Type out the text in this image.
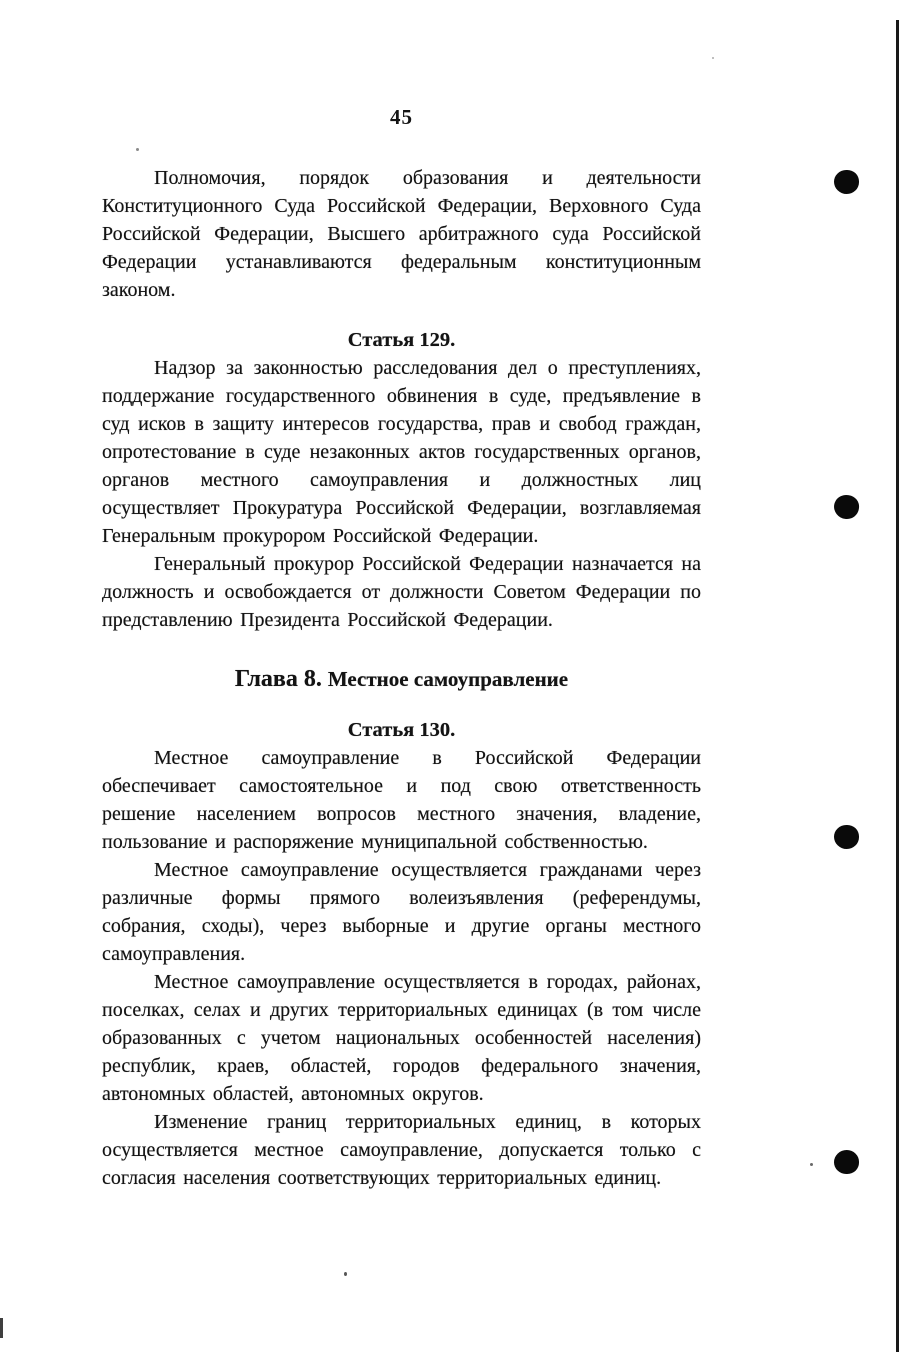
45

Полномочия, порядок образования и деятельности Конституционного Суда Российской Федерации, Верховного Суда Российской Федерации, Высшего арбитражного суда Российской Федерации устанавливаются федеральным конституционным законом.

Статья 129.

Надзор за законностью расследования дел о преступлениях, поддержание государственного обвинения в суде, предъявление в суд исков в защиту интересов государства, прав и свобод граждан, опротестование в суде незаконных актов государственных органов, органов местного самоуправления и должностных лиц осуществляет Прокуратура Российской Федерации, возглавляемая Генеральным прокурором Российской Федерации.

Генеральный прокурор Российской Федерации назначается на должность и освобождается от должности Советом Федерации по представлению Президента Российской Федерации.

Глава 8. Местное самоуправление
Статья 130.

Местное самоуправление в Российской Федерации обеспечивает самостоятельное и под свою ответственность решение населением вопросов местного значения, владение, пользование и распоряжение муниципальной собственностью.

Местное самоуправление осуществляется гражданами через различные формы прямого волеизъявления (референдумы, собрания, сходы), через выборные и другие органы местного самоуправления.

Местное самоуправление осуществляется в городах, районах, поселках, селах и других территориальных единицах (в том числе образованных с учетом национальных особенностей населения) республик, краев, областей, городов федерального значения, автономных областей, автономных округов.

Изменение границ территориальных единиц, в которых осуществляется местное самоуправление, допускается только с согласия населения соответствующих территориальных единиц.
